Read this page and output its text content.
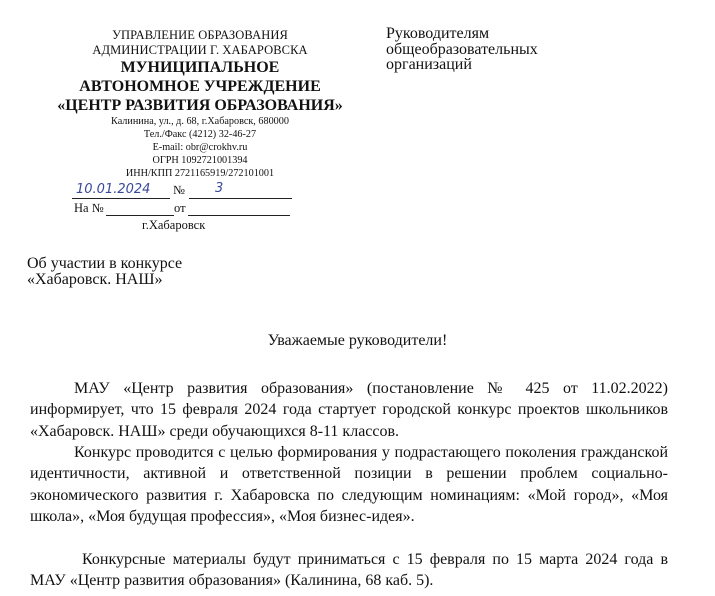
УПРАВЛЕНИЕ ОБРАЗОВАНИЯ
АДМИНИСТРАЦИИ Г. ХАБАРОВСКА
МУНИЦИПАЛЬНОЕ
АВТОНОМНОЕ УЧРЕЖДЕНИЕ
«ЦЕНТР РАЗВИТИЯ ОБРАЗОВАНИЯ»
Калинина, ул., д. 68, г.Хабаровск, 680000
Тел./Факс (4212) 32-46-27
E-mail: obr@crokhv.ru
ОГРН 1092721001394
ИНН/КПП 2721165919/272101001
10.01.2024 № 3
На №	от
г.Хабаровск
Руководителям
общеобразовательных
организаций
Об участии в конкурсе
«Хабаровск. НАШ»
Уважаемые руководители!
МАУ «Центр развития образования» (постановление № 425 от 11.02.2022) информирует, что 15 февраля 2024 года стартует городской конкурс проектов школьников «Хабаровск. НАШ» среди обучающихся 8-11 классов.
Конкурс проводится с целью формирования у подрастающего поколения гражданской идентичности, активной и ответственной позиции в решении проблем социально-экономического развития г. Хабаровска по следующим номинациям: «Мой город», «Моя школа», «Моя будущая профессия», «Моя бизнес-идея».
Конкурсные материалы будут приниматься с 15 февраля по 15 марта 2024 года в МАУ «Центр развития образования» (Калинина, 68 каб. 5).
